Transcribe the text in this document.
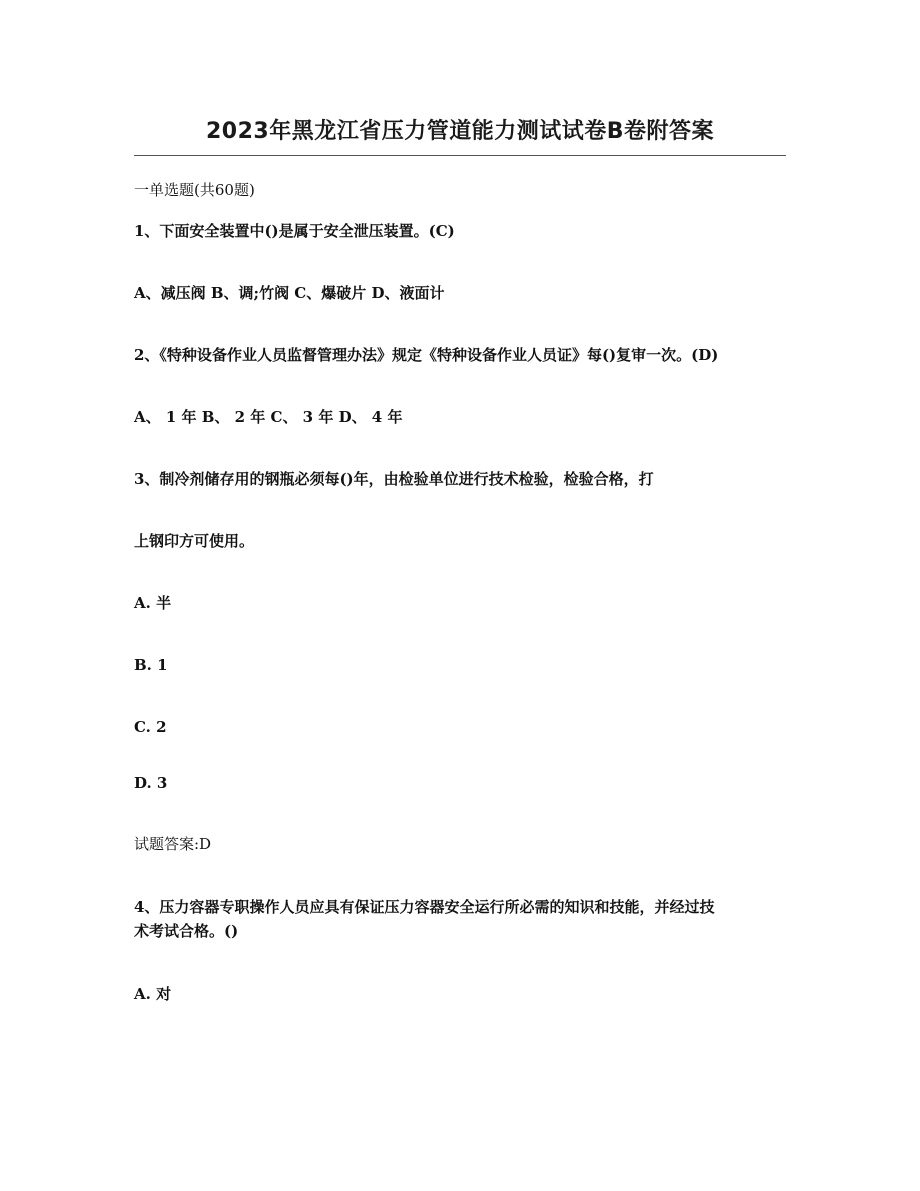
2023年黑龙江省压力管道能力测试试卷B卷附答案
一单选题(共60题)
1、下面安全装置中()是属于安全泄压装置。(C)
A、减压阀 B、调;竹阀 C、爆破片 D、液面计
2、《特种设备作业人员监督管理办法》规定《特种设备作业人员证》每()复审一次。(D)
A、 1 年 B、 2 年 C、 3 年 D、 4 年
3、制冷剂储存用的钢瓶必须每()年，由检验单位进行技术检验，检验合格，打
上钢印方可使用。
A. 半
B. 1
C. 2
D. 3
试题答案:D
4、压力容器专职操作人员应具有保证压力容器安全运行所必需的知识和技能，并经过技
术考试合格。()
A. 对
